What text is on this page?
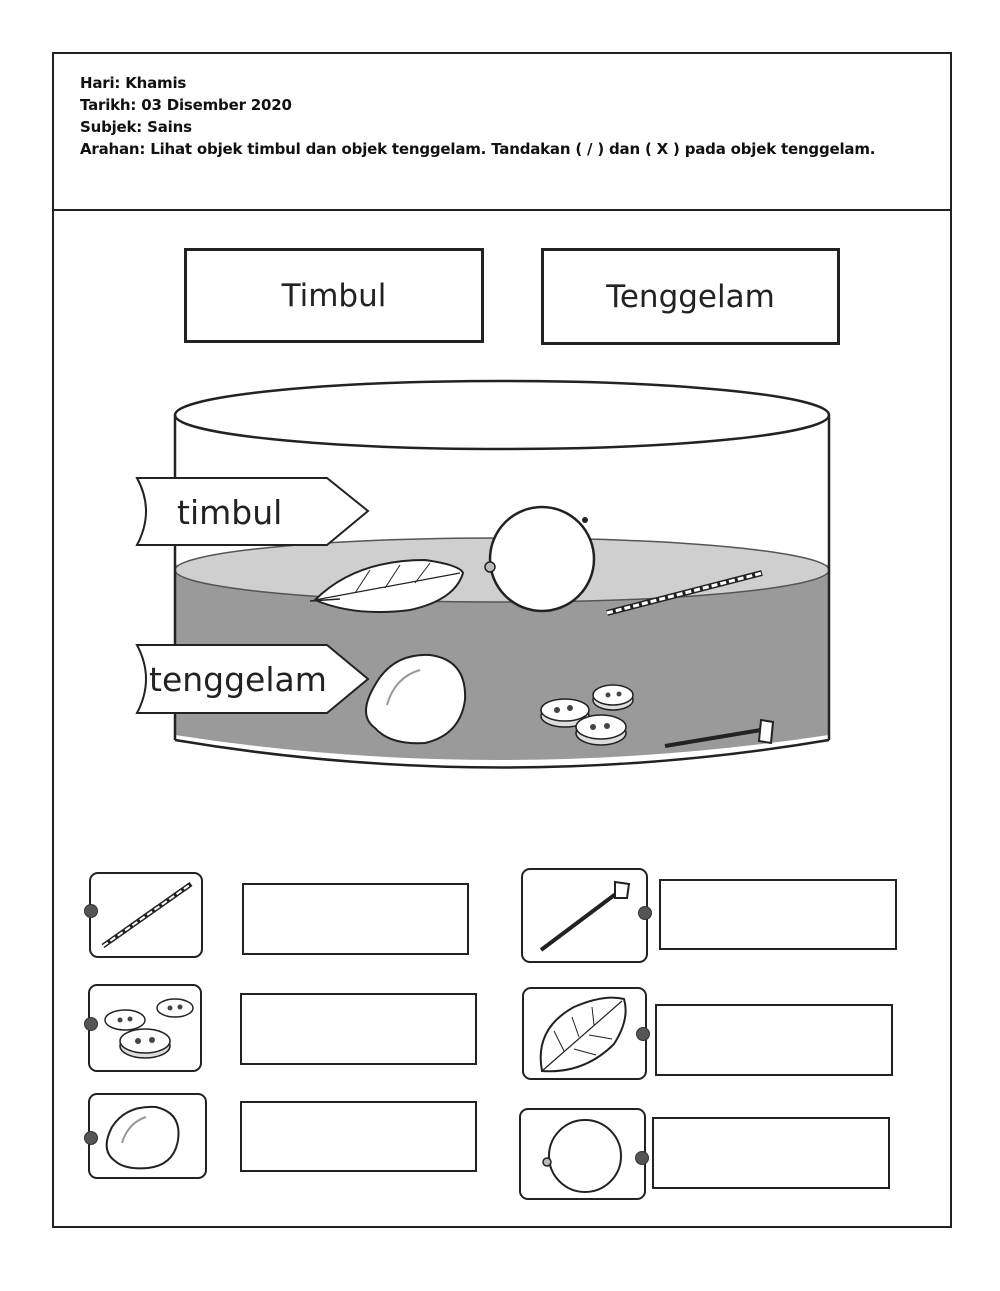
Hari: Khamis
Tarikh: 03 Disember 2020
Subjek: Sains
Arahan: Lihat objek timbul dan objek tenggelam. Tandakan ( / ) dan ( X ) pada objek tenggelam.
Timbul	Tenggelam
timbul
tenggelam
